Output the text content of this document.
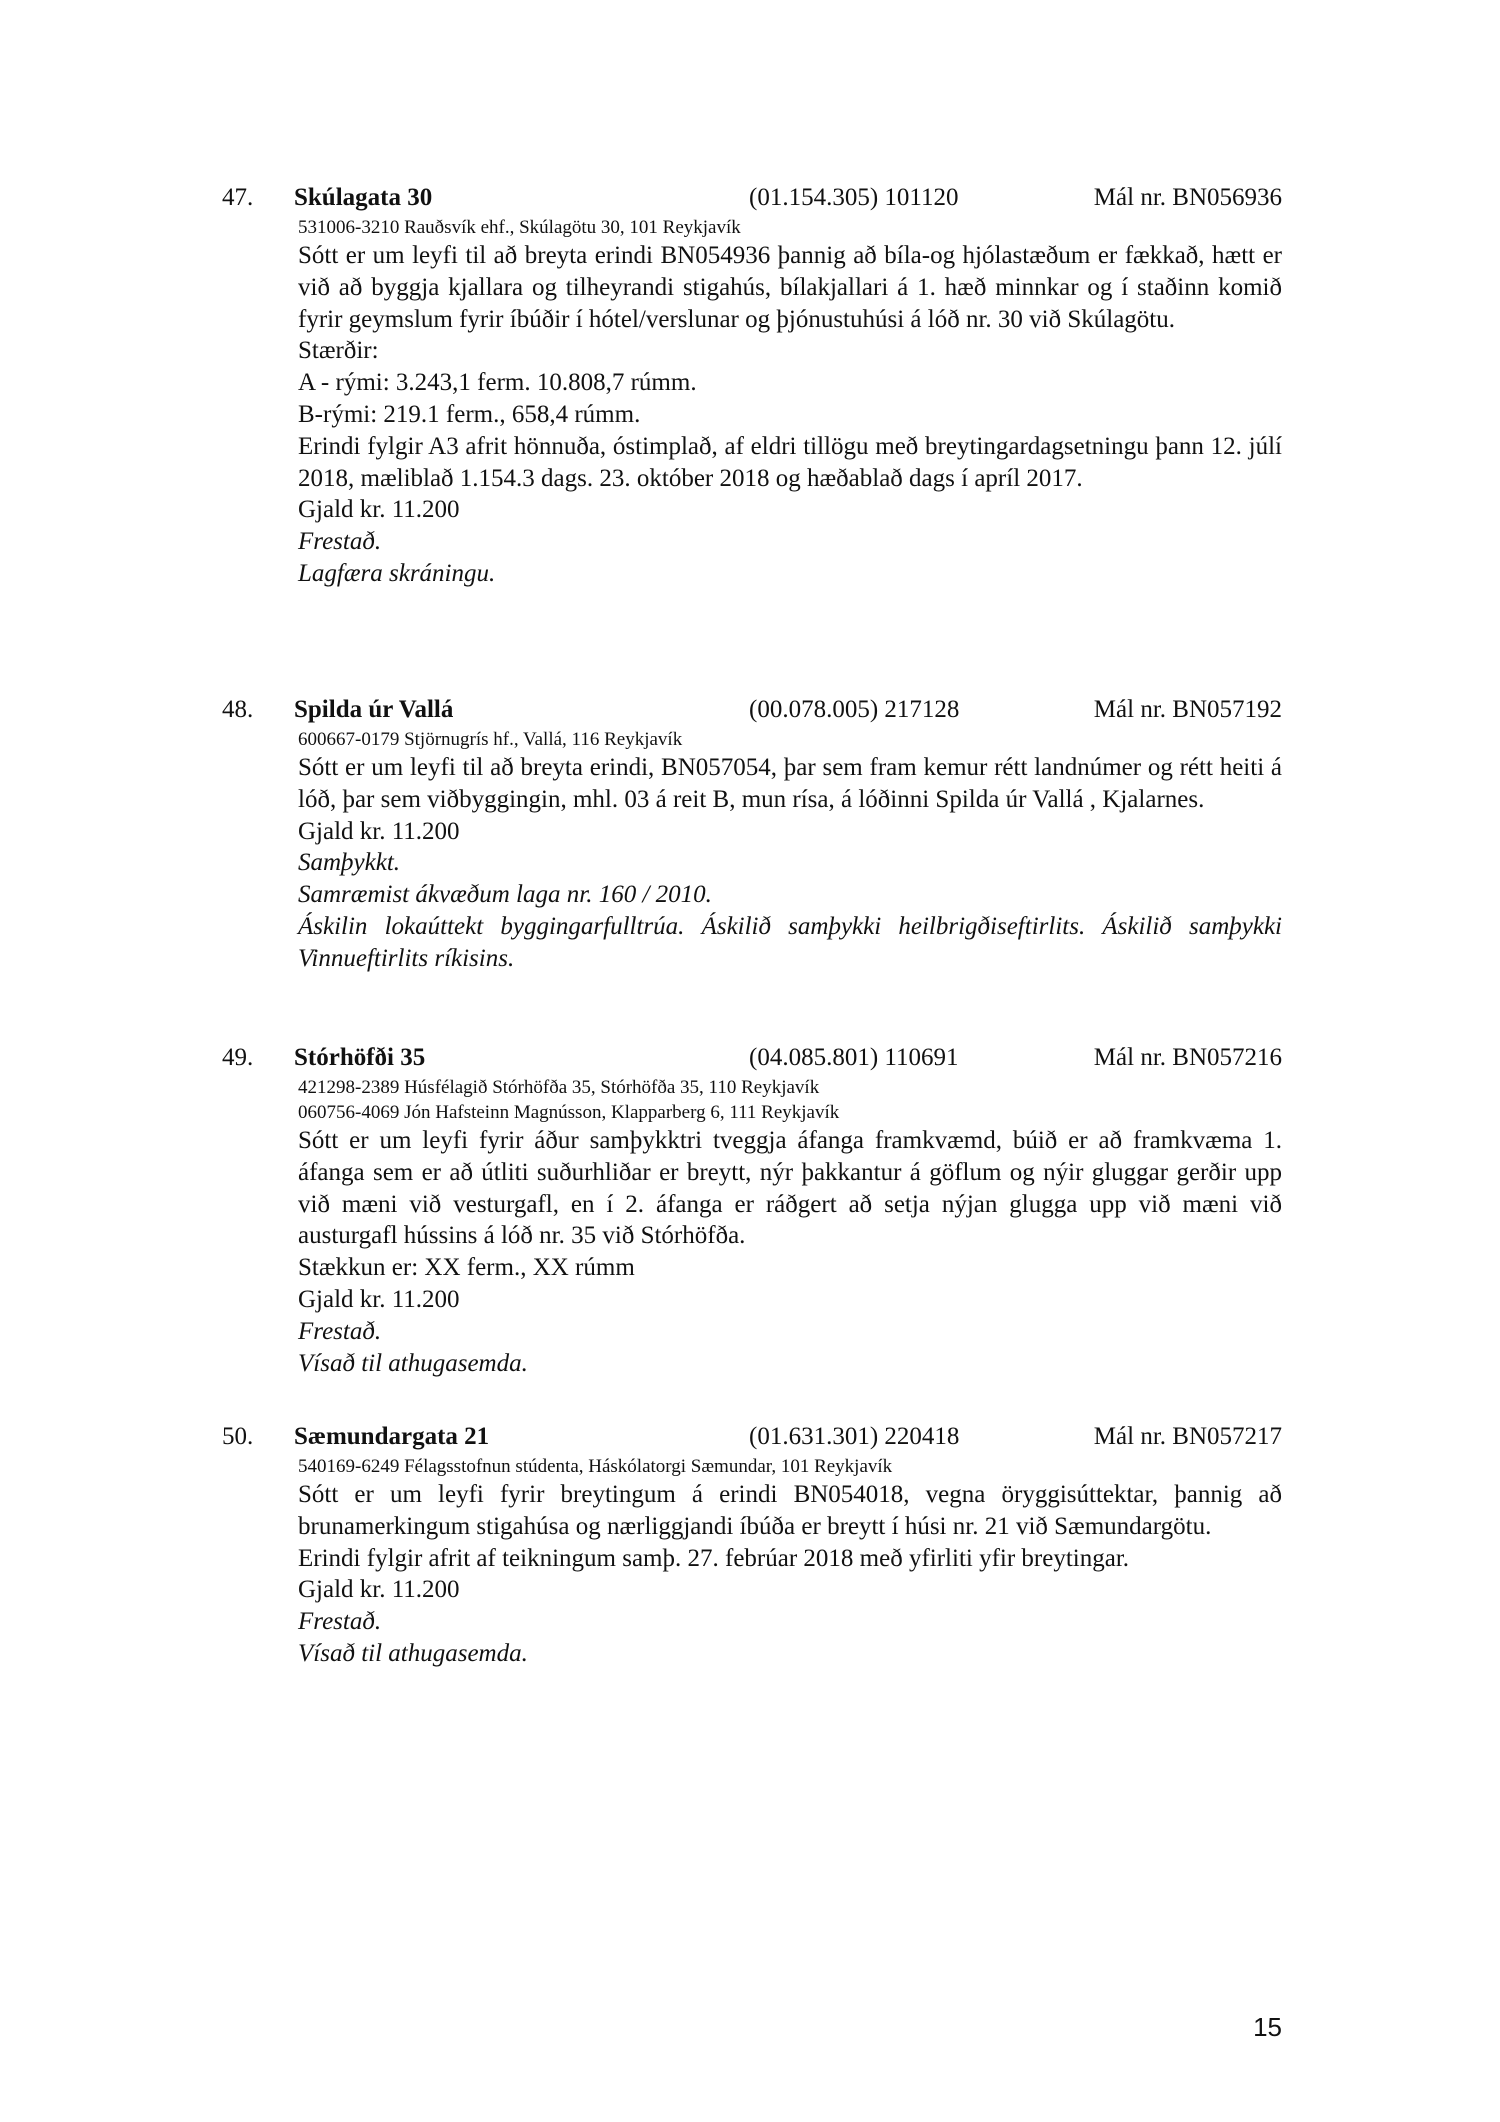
47. Skúlagata 30	(01.154.305) 101120	Mál nr. BN056936
531006-3210 Rauðsvík ehf., Skúlagötu 30, 101 Reykjavík
Sótt er um leyfi til að breyta erindi BN054936 þannig að bíla-og hjólastæðum er fækkað, hætt er við að byggja kjallara og tilheyrandi stigahús, bílakjallari á 1. hæð minnkar og í staðinn komið fyrir geymslum fyrir íbúðir í hótel/verslunar og þjónustuhúsi á lóð nr. 30 við Skúlagötu.
Stærðir:
A - rými: 3.243,1 ferm. 10.808,7 rúmm.
B-rými: 219.1 ferm., 658,4 rúmm.
Erindi fylgir A3 afrit hönnuða, óstimplað, af eldri tillögu með breytingardagsetningu þann 12. júlí 2018, mæliblað 1.154.3 dags. 23. október 2018 og hæðablað dags í apríl 2017.
Gjald kr. 11.200
Frestað.
Lagfæra skráningu.
48. Spilda úr Vallá	(00.078.005) 217128	Mál nr. BN057192
600667-0179 Stjörnugrís hf., Vallá, 116 Reykjavík
Sótt er um leyfi til að breyta erindi, BN057054, þar sem fram kemur rétt landnúmer og rétt heiti á lóð, þar sem viðbyggingin, mhl. 03 á reit B, mun rísa, á lóðinni Spilda úr Vallá , Kjalarnes.
Gjald kr. 11.200
Samþykkt.
Samræmist ákvæðum laga nr. 160 / 2010.
Áskilin lokaúttekt byggingarfulltrúa. Áskilið samþykki heilbrigðiseftirlits. Áskilið samþykki Vinnueftirlits ríkisins.
49. Stórhöfði 35	(04.085.801) 110691	Mál nr. BN057216
421298-2389 Húsfélagið Stórhöfða 35, Stórhöfða 35, 110 Reykjavík
060756-4069 Jón Hafsteinn Magnússon, Klapparberg 6, 111 Reykjavík
Sótt er um leyfi fyrir áður samþykktri tveggja áfanga framkvæmd, búið er að framkvæma 1. áfanga sem er að útliti suðurhliðar er breytt, nýr þakkantur á göflum og nýir gluggar gerðir upp við mæni við vesturgafl, en í 2. áfanga er ráðgert að setja nýjan glugga upp við mæni við austurgafl hússins á lóð nr. 35 við Stórhöfða.
Stækkun er: XX ferm., XX rúmm
Gjald kr. 11.200
Frestað.
Vísað til athugasemda.
50. Sæmundargata 21	(01.631.301) 220418	Mál nr. BN057217
540169-6249 Félagsstofnun stúdenta, Háskólatorgi Sæmundar, 101 Reykjavík
Sótt er um leyfi fyrir breytingum á erindi BN054018, vegna öryggisúttektar, þannig að brunamerkingum stigahúsa og nærliggjandi íbúða er breytt í húsi nr. 21 við Sæmundargötu.
Erindi fylgir afrit af teikningum samþ. 27. febrúar 2018 með yfirliti yfir breytingar.
Gjald kr. 11.200
Frestað.
Vísað til athugasemda.
15
